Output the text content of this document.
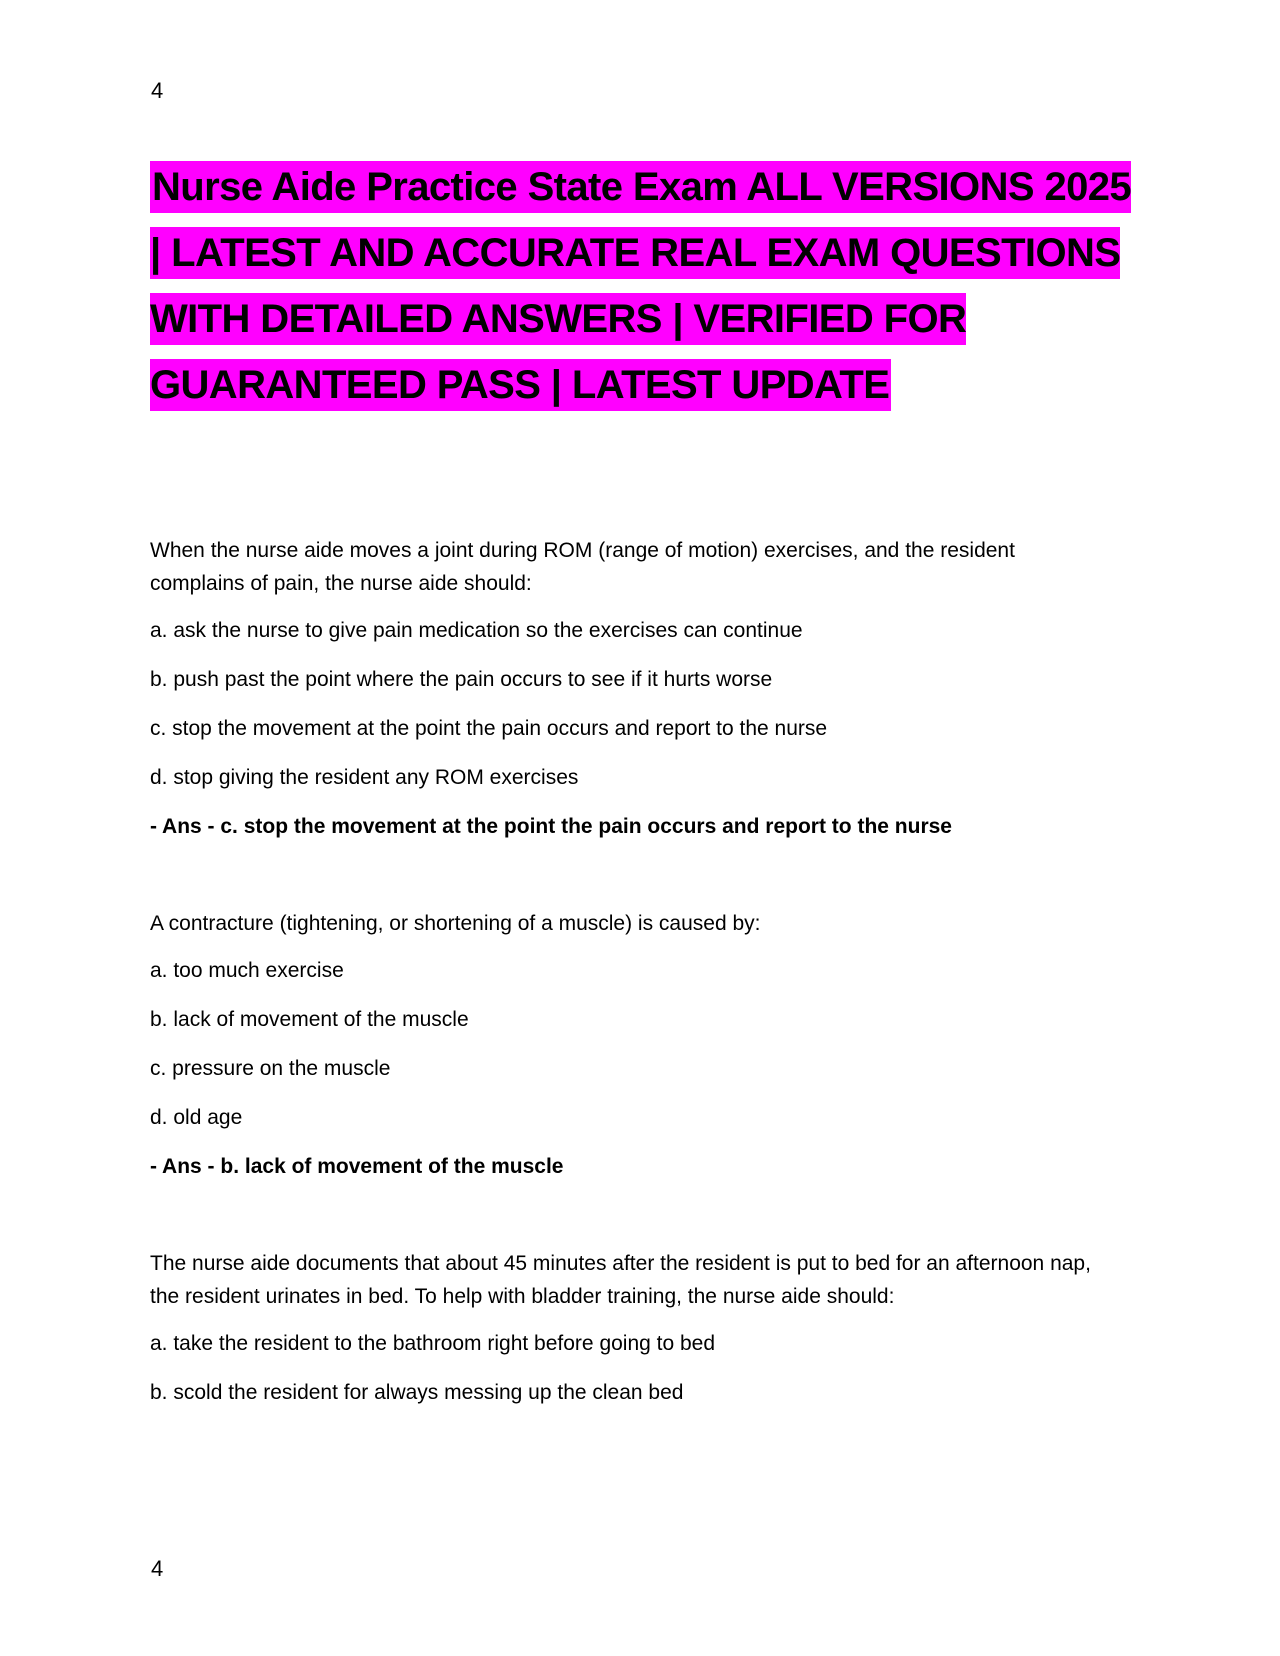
4
Nurse Aide Practice State Exam ALL VERSIONS 2025 | LATEST AND ACCURATE REAL EXAM QUESTIONS WITH DETAILED ANSWERS | VERIFIED FOR GUARANTEED PASS | LATEST UPDATE

When the nurse aide moves a joint during ROM (range of motion) exercises, and the resident complains of pain, the nurse aide should:

a. ask the nurse to give pain medication so the exercises can continue

b. push past the point where the pain occurs to see if it hurts worse

c. stop the movement at the point the pain occurs and report to the nurse

d. stop giving the resident any ROM exercises

- Ans - c. stop the movement at the point the pain occurs and report to the nurse

A contracture (tightening, or shortening of a muscle) is caused by:

a. too much exercise

b. lack of movement of the muscle

c. pressure on the muscle

d. old age

- Ans - b. lack of movement of the muscle

The nurse aide documents that about 45 minutes after the resident is put to bed for an afternoon nap, the resident urinates in bed. To help with bladder training, the nurse aide should:

a. take the resident to the bathroom right before going to bed

b. scold the resident for always messing up the clean bed

4
